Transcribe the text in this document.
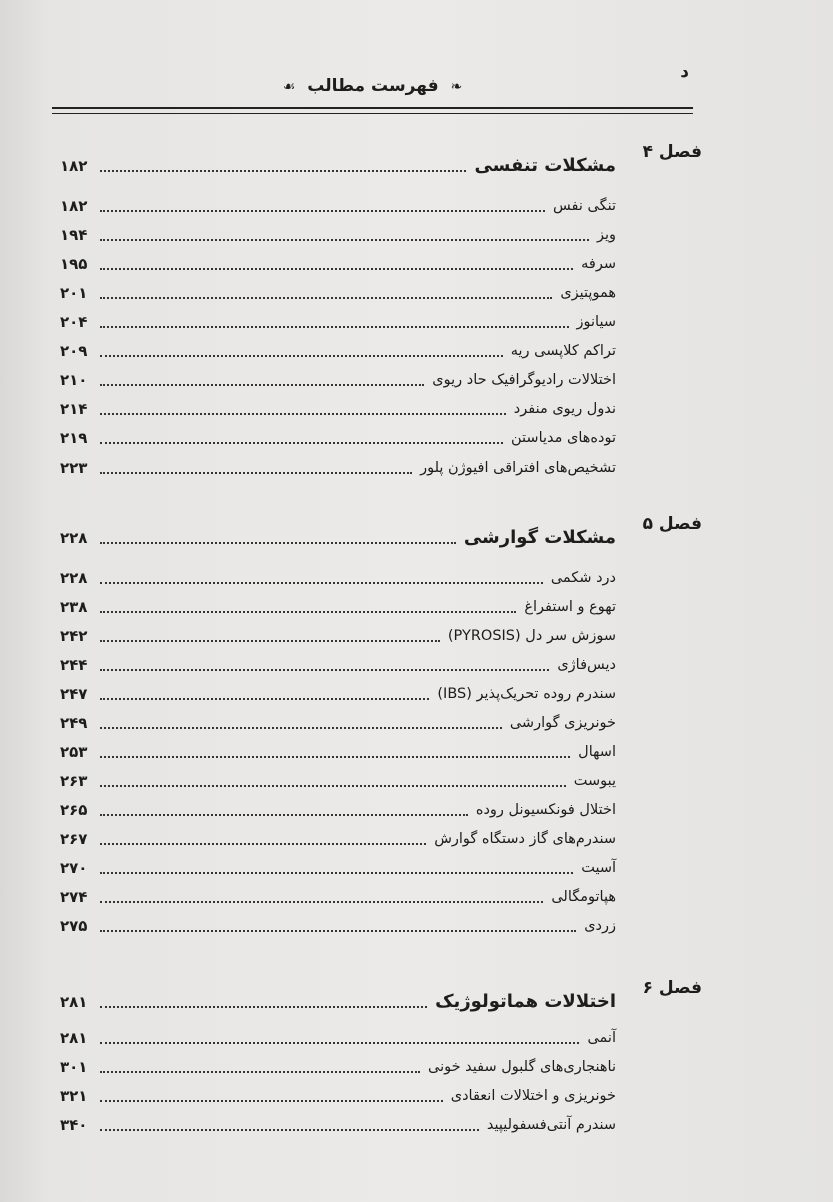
د
❧ فهرست مطالب ☙
فصل ۴
مشکلات تنفسی
۱۸۲
تنگی نفس
۱۸۲
ویز
۱۹۴
سرفه
۱۹۵
هموپتیزی
۲۰۱
سیانوز
۲۰۴
تراکم کلاپسی ریه
۲۰۹
اختلالات رادیوگرافیک حاد ریوی
۲۱۰
ندول ریوی منفرد
۲۱۴
توده‌های مدیاستن
۲۱۹
تشخیص‌های افتراقی افیوژن پلور
۲۲۳
فصل ۵
مشکلات گوارشی
۲۲۸
درد شکمی
۲۲۸
تهوع و استفراغ
۲۳۸
سوزش سر دل (PYROSIS)
۲۴۲
دیس‌فاژی
۲۴۴
سندرم روده تحریک‌پذیر (IBS)
۲۴۷
خونریزی گوارشی
۲۴۹
اسهال
۲۵۳
یبوست
۲۶۳
اختلال فونکسیونل روده
۲۶۵
سندرم‌های گاز دستگاه گوارش
۲۶۷
آسیت
۲۷۰
هپاتومگالی
۲۷۴
زردی
۲۷۵
فصل ۶
اختلالات هماتولوژیک
۲۸۱
آنمی
۲۸۱
ناهنجاری‌های گلبول سفید خونی
۳۰۱
خونریزی و اختلالات انعقادی
۳۲۱
سندرم آنتی‌فسفولیپید
۳۴۰
